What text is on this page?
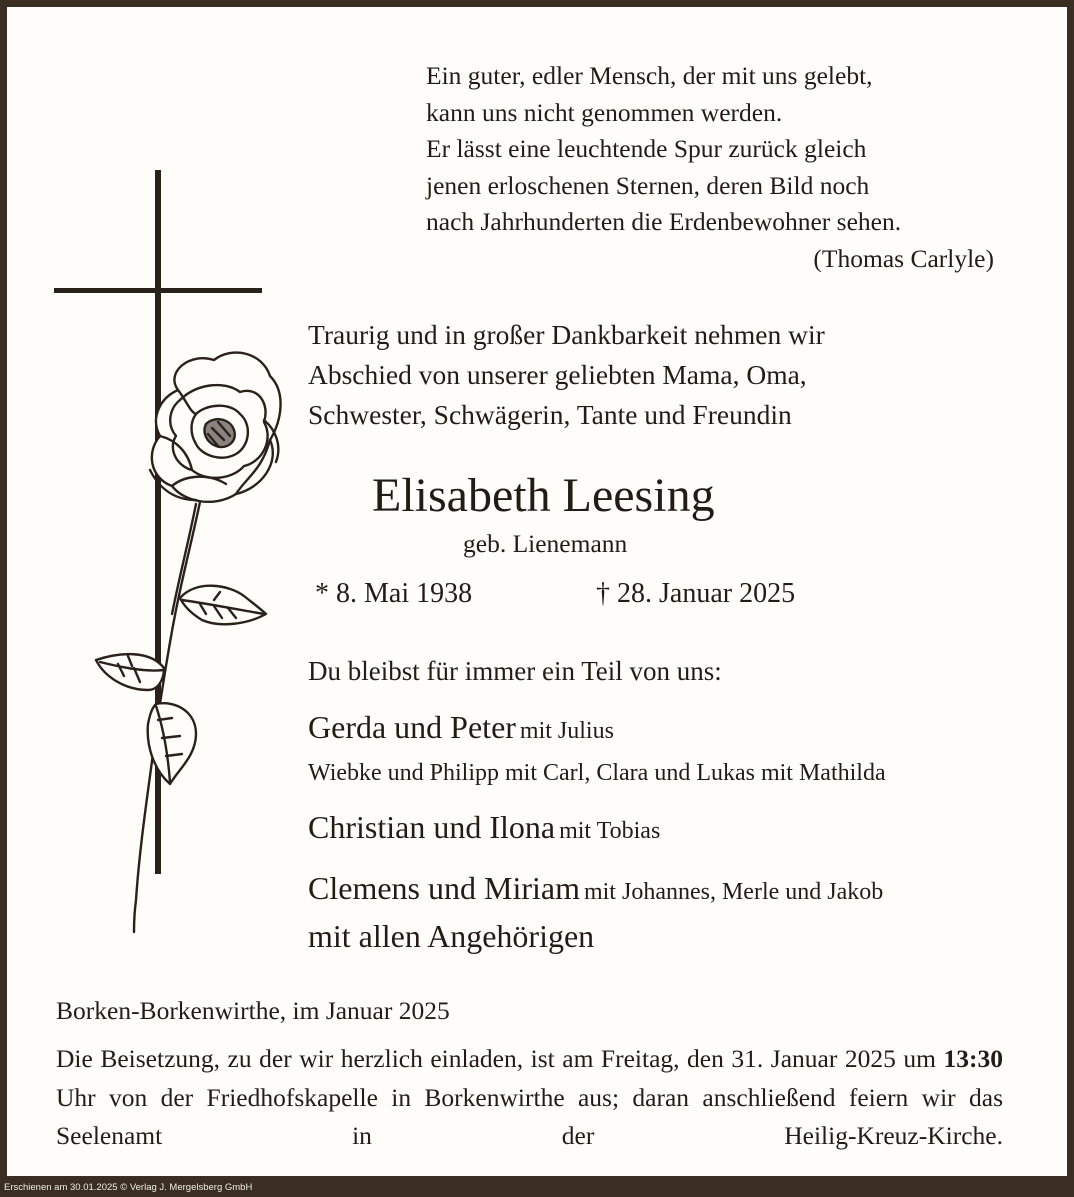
Ein guter, edler Mensch, der mit uns gelebt,
kann uns nicht genommen werden.
Er lässt eine leuchtende Spur zurück gleich
jenen erloschenen Sternen, deren Bild noch
nach Jahrhunderten die Erdenbewohner sehen.
(Thomas Carlyle)
Traurig und in großer Dankbarkeit nehmen wir
Abschied von unserer geliebten Mama, Oma,
Schwester, Schwägerin, Tante und Freundin
Elisabeth Leesing
geb. Lienemann
* 8. Mai 1938	† 28. Januar 2025
Du bleibst für immer ein Teil von uns:
Gerda und Peter mit Julius
Wiebke und Philipp mit Carl, Clara und Lukas mit Mathilda
Christian und Ilona mit Tobias
Clemens und Miriam mit Johannes, Merle und Jakob
mit allen Angehörigen
Borken-Borkenwirthe, im Januar 2025
Die Beisetzung, zu der wir herzlich einladen, ist am Freitag, den 31. Januar 2025 um 13:30 Uhr von der Friedhofskapelle in Borkenwirthe aus; daran anschließend feiern wir das Seelenamt in der Heilig-Kreuz-Kirche.
Erschienen am 30.01.2025 © Verlag J. Mergelsberg GmbH
